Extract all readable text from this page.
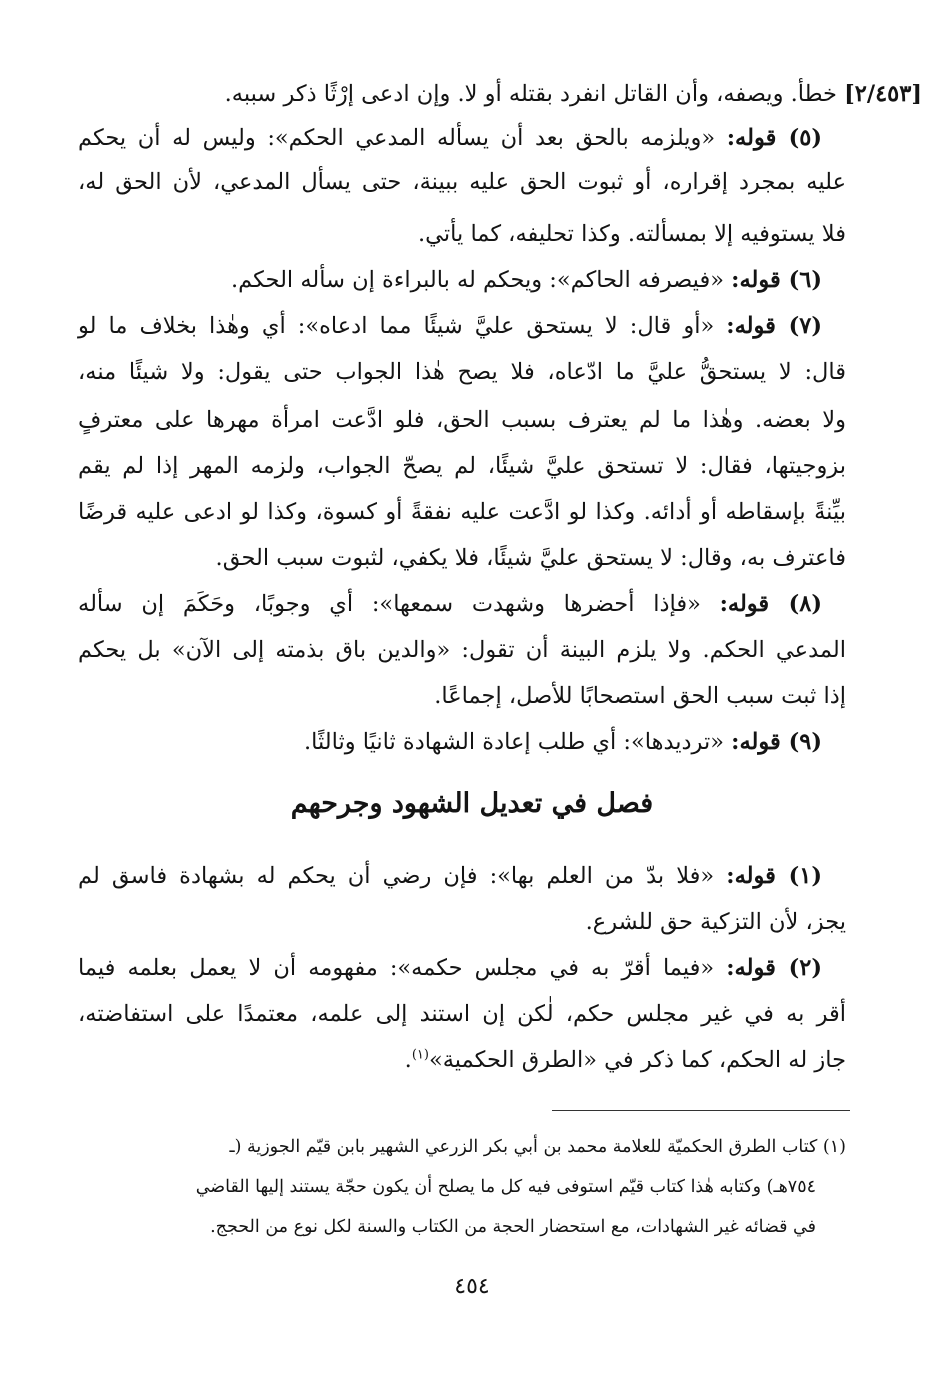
[٢/٤٥٣] خطأ. ويصفه، وأن القاتل انفرد بقتله أو لا. وإن ادعى إرْثًا ذكر سببه.
(٥) قوله: «ويلزمه بالحق بعد أن يسأله المدعي الحكم»: وليس له أن يحكم
عليه بمجرد إقراره، أو ثبوت الحق عليه ببينة، حتى يسأل المدعي، لأن الحق له،
فلا يستوفيه إلا بمسألته. وكذا تحليفه، كما يأتي.
(٦) قوله: «فيصرفه الحاكم»: ويحكم له بالبراءة إن سأله الحكم.
(٧) قوله: «أو قال: لا يستحق عليَّ شيئًا مما ادعاه»: أي وهٰذا بخلاف ما لو
قال: لا يستحقُّ عليَّ ما ادّعاه، فلا يصح هٰذا الجواب حتى يقول: ولا شيئًا منه،
ولا بعضه. وهٰذا ما لم يعترف بسبب الحق، فلو ادَّعت امرأة مهرها على معترفٍ
بزوجيتها، فقال: لا تستحق عليَّ شيئًا، لم يصحّ الجواب، ولزمه المهر إذا لم يقم
بيِّنةً بإسقاطه أو أدائه. وكذا لو ادَّعت عليه نفقةً أو كسوة، وكذا لو ادعى عليه قرضًا
فاعترف به، وقال: لا يستحق عليَّ شيئًا، فلا يكفي، لثبوت سبب الحق.
(٨) قوله: «فإذا أحضرها وشهدت سمعها»: أي وجوبًا، وحَكَمَ إن سأله
المدعي الحكم. ولا يلزم البينة أن تقول: «والدين باق بذمته إلى الآن» بل يحكم
إذا ثبت سبب الحق استصحابًا للأصل، إجماعًا.
(٩) قوله: «ترديدها»: أي طلب إعادة الشهادة ثانيًا وثالثًا.
فصل في تعديل الشهود وجرحهم
(١) قوله: «فلا بدّ من العلم بها»: فإن رضي أن يحكم له بشهادة فاسق لم
يجز، لأن التزكية حق للشرع.
(٢) قوله: «فيما أقرّ به في مجلس حكمه»: مفهومه أن لا يعمل بعلمه فيما
أقر به في غير مجلس حكم، لٰكن إن استند إلى علمه، معتمدًا على استفاضته،
جاز له الحكم، كما ذكر في «الطرق الحكمية»$^{(١)}$.
(١) كتاب الطرق الحكميّة للعلامة محمد بن أبي بكر الزرعي الشهير بابن قيّم الجوزية (ـ
٧٥٤هـ) وكتابه هٰذا كتاب قيّم استوفى فيه كل ما يصلح أن يكون حجّة يستند إليها القاضي
في قضائه غير الشهادات، مع استحضار الحجة من الكتاب والسنة لكل نوع من الحجج.
٤٥٤
